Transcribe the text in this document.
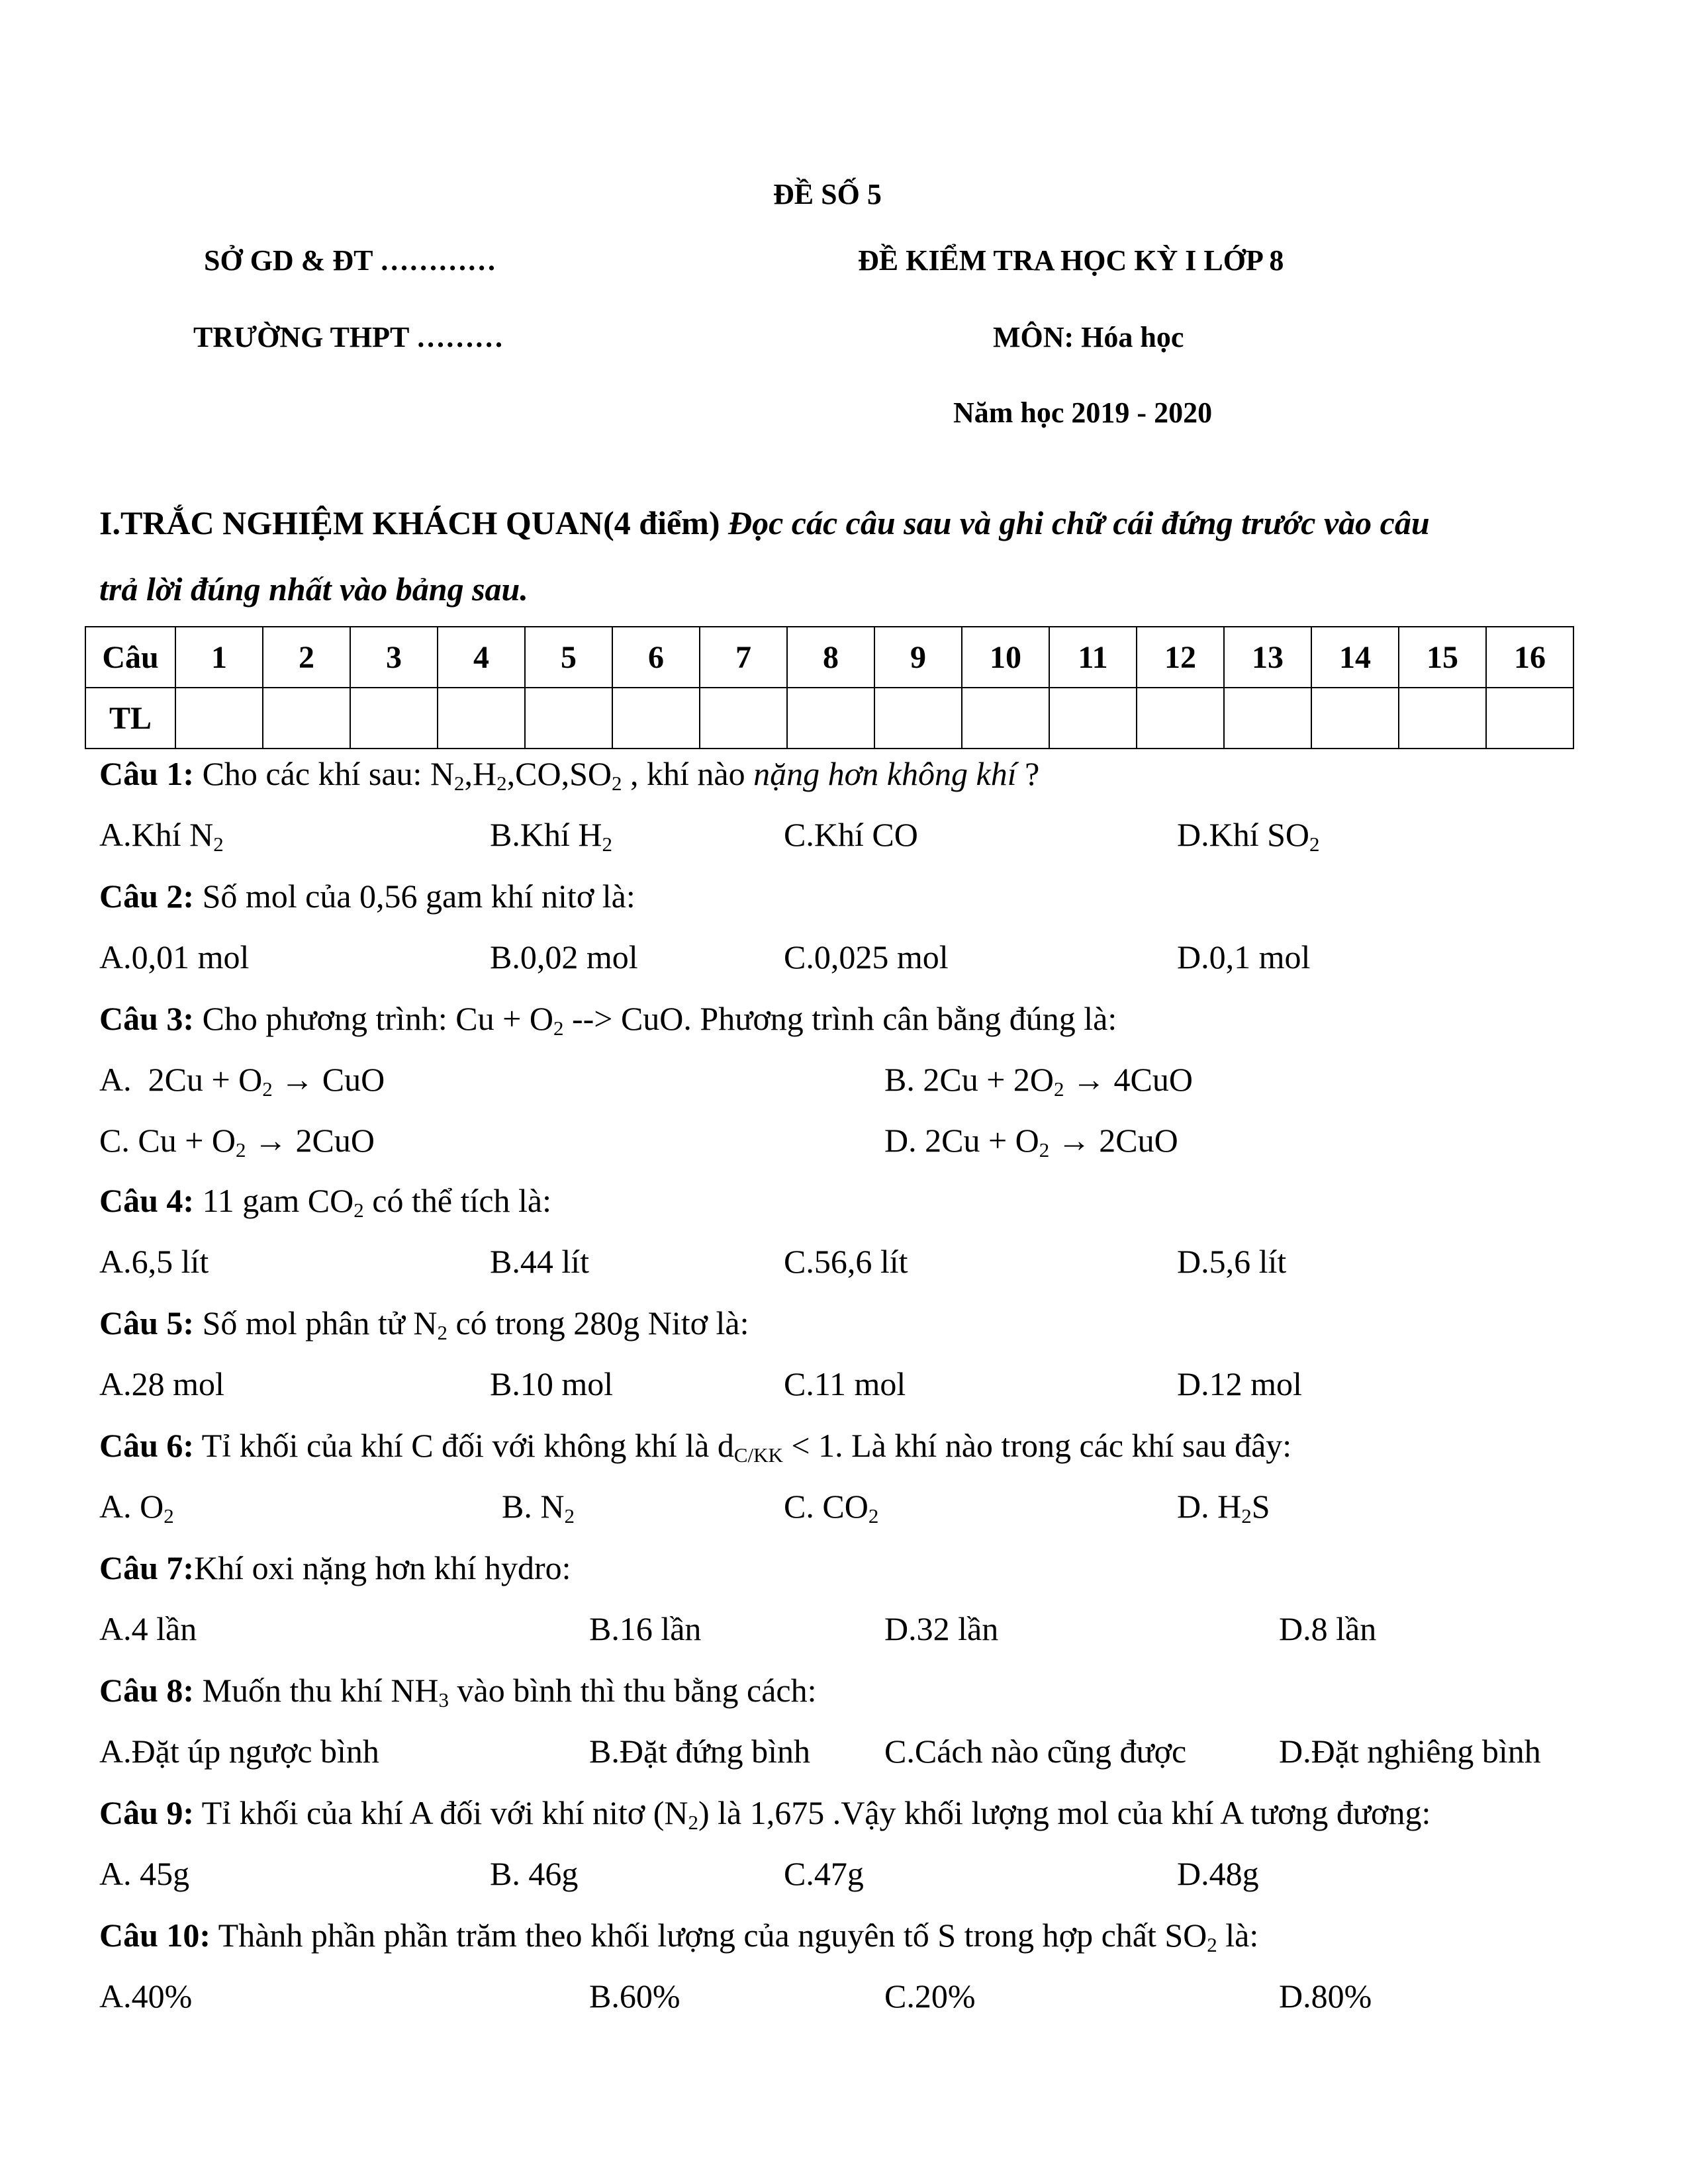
ĐỀ SỐ 5
SỞ GD & ĐT …………
TRƯỜNG THPT ………
ĐỀ KIỂM TRA HỌC KỲ I LỚP 8
MÔN: Hóa học
Năm học 2019 - 2020
I.TRẮC NGHIỆM KHÁCH QUAN(4 điểm) Đọc các câu sau và ghi chữ cái đứng trước vào câu
trả lời đúng nhất vào bảng sau.
Câu	1	2	3	4	5	6	7	8	9	10	11	12	13	14	15	16
TL																
Câu 1: Cho các khí sau: $N_2,H_2,CO,SO_2$ , khí nào nặng hơn không khí ?
A.Khí $N_2$	B.Khí $H_2$	C.Khí CO	D.Khí $SO_2$
Câu 2: Số mol của 0,56 gam khí nitơ là:
A.0,01 mol	B.0,02 mol	C.0,025 mol	D.0,1 mol
Câu 3: Cho phương trình: $Cu + O_2$ --> CuO. Phương trình cân bằng đúng là:
A.  $2Cu + O_2$ → CuO	B. $2Cu + 2O_2 \to 4CuO$
C. $Cu + O_2 \to 2CuO$	D. $2Cu + O_2 \to 2CuO$
Câu 4: 11 gam $CO_2$ có thể tích là:
A.6,5 lít	B.44 lít	C.56,6 lít	D.5,6 lít
Câu 5: Số mol phân tử $N_2$ có trong 280g Nitơ là:
A.28 mol	B.10 mol	C.11 mol	D.12 mol
Câu 6: Tỉ khối của khí C đối với không khí là $d_{C/KK} < 1$. Là khí nào trong các khí sau đây:
A. $O_2$	B. $N_2$	C. $CO_2$	D. $H_2S$
Câu 7:Khí oxi nặng hơn khí hydro:
A.4 lần	B.16 lần	D.32 lần	D.8 lần
Câu 8: Muốn thu khí $NH_3$ vào bình thì thu bằng cách:
A.Đặt úp ngược bình	B.Đặt đứng bình C.Cách nào cũng được	D.Đặt nghiêng bình
Câu 9: Tỉ khối của khí A đối với khí nitơ $(N_2)$ là 1,675 .Vậy khối lượng mol của khí A tương đương:
A. 45g	B. 46g	C.47g	D.48g
Câu 10: Thành phần phần trăm theo khối lượng của nguyên tố S trong hợp chất $SO_2$ là:
A.40%	B.60%	C.20%	D.80%
